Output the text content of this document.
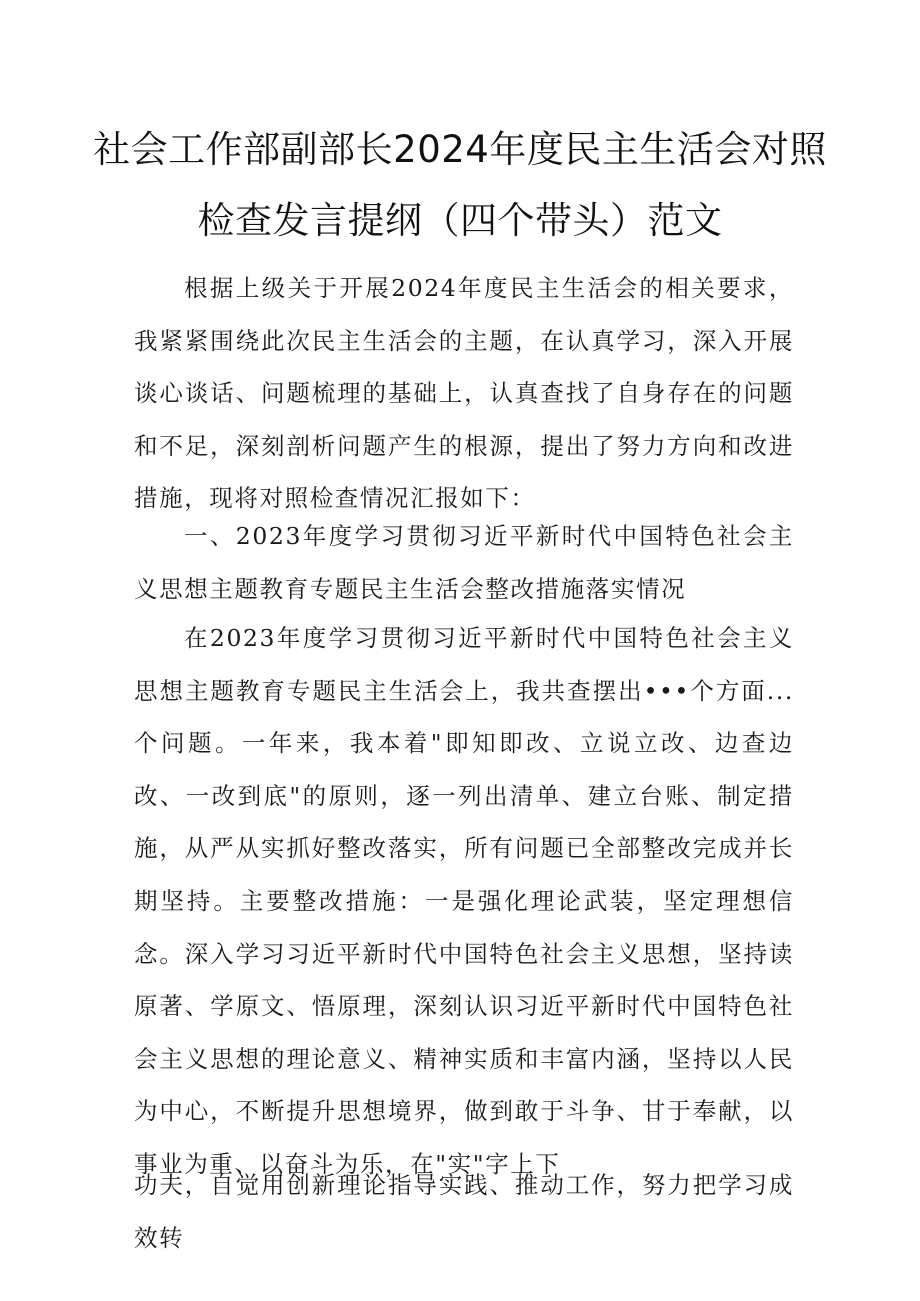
社会工作部副部长2024年度民主生活会对照
检查发言提纲（四个带头）范文

根据上级关于开展2024年度民主生活会的相关要求，我紧紧围绕此次民主生活会的主题，在认真学习，深入开展谈心谈话、问题梳理的基础上，认真查找了自身存在的问题和不足，深刻剖析问题产生的根源，提出了努力方向和改进措施，现将对照检查情况汇报如下：

一、2023年度学习贯彻习近平新时代中国特色社会主义思想主题教育专题民主生活会整改措施落实情况

在2023年度学习贯彻习近平新时代中国特色社会主义思想主题教育专题民主生活会上，我共查摆出•••个方面...个问题。一年来，我本着"即知即改、立说立改、边查边改、一改到底"的原则，逐一列出清单、建立台账、制定措施，从严从实抓好整改落实，所有问题已全部整改完成并长期坚持。主要整改措施：一是强化理论武装，坚定理想信念。深入学习习近平新时代中国特色社会主义思想，坚持读原著、学原文、悟原理，深刻认识习近平新时代中国特色社会主义思想的理论意义、精神实质和丰富内涵，坚持以人民为中心，不断提升思想境界，做到敢于斗争、甘于奉献，以事业为重、以奋斗为乐，在"实"字上下

功夫，自觉用创新理论指导实践、推动工作，努力把学习成效转
